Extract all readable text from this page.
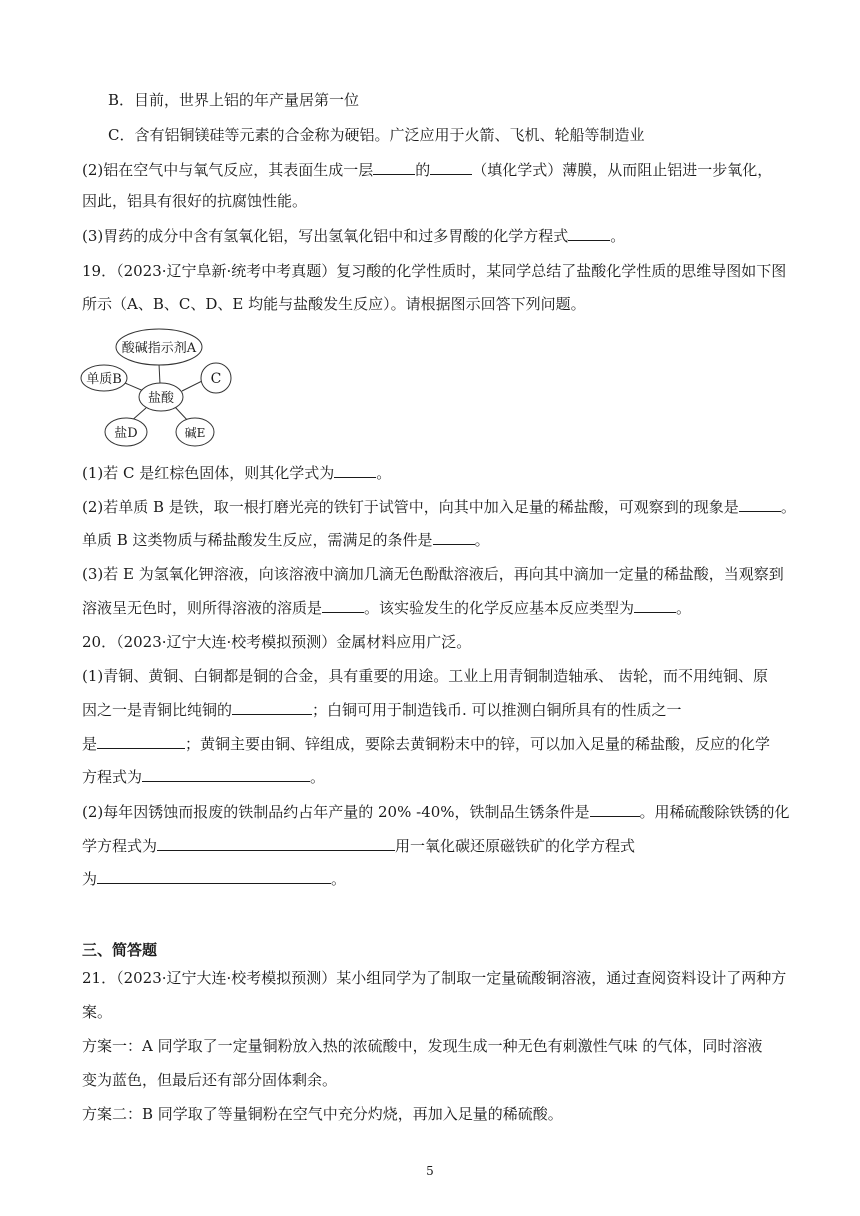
B．目前，世界上铝的年产量居第一位
C．含有铝铜镁硅等元素的合金称为硬铝。广泛应用于火箭、飞机、轮船等制造业
(2)铝在空气中与氧气反应，其表面生成一层	的	（填化学式）薄膜，从而阻止铝进一步氧化，
因此，铝具有很好的抗腐蚀性能。
(3)胃药的成分中含有氢氧化铝，写出氢氧化铝中和过多胃酸的化学方程式	。
19．（2023·辽宁阜新·统考中考真题）复习酸的化学性质时，某同学总结了盐酸化学性质的思维导图如下图
所示（A、B、C、D、E 均能与盐酸发生反应）。请根据图示回答下列问题。
酸碱指示剂A
单质B	C
盐酸
盐D	碱E
(1)若 C 是红棕色固体，则其化学式为	。
(2)若单质 B 是铁，取一根打磨光亮的铁钉于试管中，向其中加入足量的稀盐酸，可观察到的现象是	。
单质 B 这类物质与稀盐酸发生反应，需满足的条件是	。
(3)若 E 为氢氧化钾溶液，向该溶液中滴加几滴无色酚酞溶液后，再向其中滴加一定量的稀盐酸，当观察到
溶液呈无色时，则所得溶液的溶质是	。该实验发生的化学反应基本反应类型为	。
20．（2023·辽宁大连·校考模拟预测）金属材料应用广泛。
(1)青铜、黄铜、白铜都是铜的合金，具有重要的用途。工业上用青铜制造轴承、 齿轮，而不用纯铜、原
因之一是青铜比纯铜的	；白铜可用于制造钱币. 可以推测白铜所具有的性质之一
是	；黄铜主要由铜、锌组成，要除去黄铜粉末中的锌，可以加入足量的稀盐酸，反应的化学
方程式为	。
(2)每年因锈蚀而报废的铁制品约占年产量的 20% -40%，铁制品生锈条件是	。用稀硫酸除铁锈的化
学方程式为	用一氧化碳还原磁铁矿的化学方程式
为	。
三、简答题
21．（2023·辽宁大连·校考模拟预测）某小组同学为了制取一定量硫酸铜溶液，通过查阅资料设计了两种方
案。
方案一：A 同学取了一定量铜粉放入热的浓硫酸中，发现生成一种无色有刺激性气味 的气体，同时溶液
变为蓝色，但最后还有部分固体剩余。
方案二：B 同学取了等量铜粉在空气中充分灼烧，再加入足量的稀硫酸。
5
